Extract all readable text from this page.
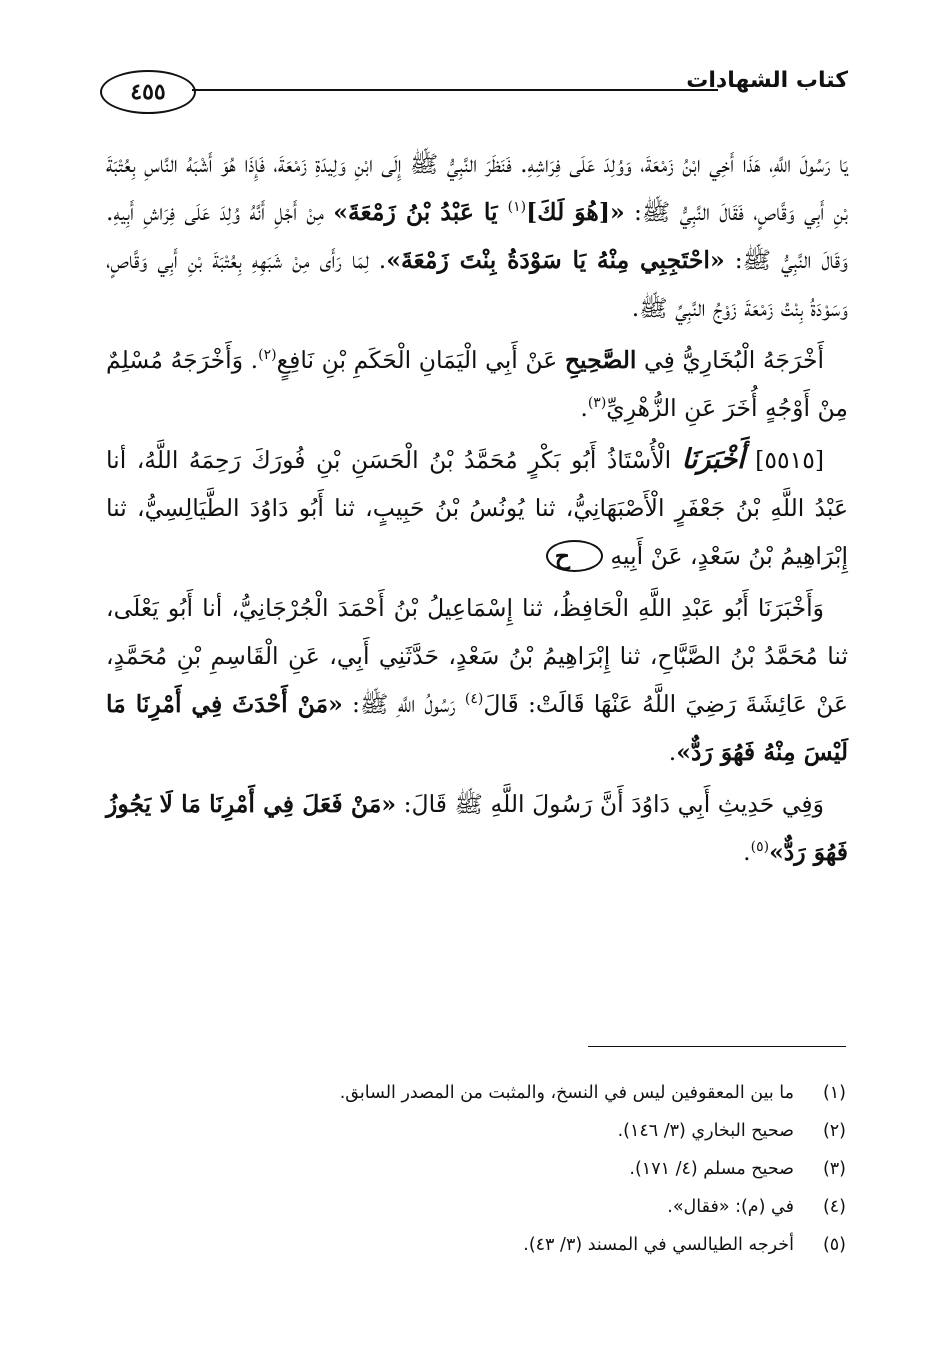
٤٥٥	كتاب الشهادات

يَا رَسُولَ اللَّهِ، هَذَا أَخِي ابْنُ زَمْعَةَ، وَوُلِدَ عَلَى فِرَاشِهِ. فَنَظَرَ النَّبِيُّ ﷺ إِلَى ابْنِ وَلِيدَةِ زَمْعَةَ، فَإِذَا هُوَ أَشْبَهُ النَّاسِ بِعُتْبَةَ بْنِ أَبِي وَقَّاصٍ، فَقَالَ النَّبِيُّ ﷺ: «[هُوَ لَكَ]$^{(١)}$ يَا عَبْدُ بْنُ زَمْعَةَ» مِنْ أَجْلِ أَنَّهُ وُلِدَ عَلَى فِرَاشِ أَبِيهِ. وَقَالَ النَّبِيُّ ﷺ: «احْتَجِبِي مِنْهُ يَا سَوْدَةُ بِنْتَ زَمْعَةَ». لِمَا رَأَى مِنْ شَبَهِهِ بِعُتْبَةَ بْنِ أَبِي وَقَّاصٍ، وَسَوْدَةُ بِنْتُ زَمْعَةَ زَوْجُ النَّبِيِّ ﷺ.

أَخْرَجَهُ الْبُخَارِيُّ فِي الصَّحِيحِ عَنْ أَبِي الْيَمَانِ الْحَكَمِ بْنِ نَافِعٍ$^{(٢)}$. وَأَخْرَجَهُ مُسْلِمٌ مِنْ أَوْجُهٍ أُخَرَ عَنِ الزُّهْرِيِّ$^{(٣)}$.

[٥٥١٥] أَخْبَرَنَا الْأُسْتَاذُ أَبُو بَكْرٍ مُحَمَّدُ بْنُ الْحَسَنِ بْنِ فُورَكَ رَحِمَهُ اللَّهُ، أنا عَبْدُ اللَّهِ بْنُ جَعْفَرٍ الْأَصْبَهَانِيُّ، ثنا يُونُسُ بْنُ حَبِيبٍ، ثنا أَبُو دَاوُدَ الطَّيَالِسِيُّ، ثنا إِبْرَاهِيمُ بْنُ سَعْدٍ، عَنْ أَبِيهِ ح

وَأَخْبَرَنَا أَبُو عَبْدِ اللَّهِ الْحَافِظُ، ثنا إِسْمَاعِيلُ بْنُ أَحْمَدَ الْجُرْجَانِيُّ، أنا أَبُو يَعْلَى، ثنا مُحَمَّدُ بْنُ الصَّبَّاحِ، ثنا إِبْرَاهِيمُ بْنُ سَعْدٍ، حَدَّثَنِي أَبِي، عَنِ الْقَاسِمِ بْنِ مُحَمَّدٍ، عَنْ عَائِشَةَ رَضِيَ اللَّهُ عَنْهَا قَالَتْ: قَالَ$^{(٤)}$ رَسُولُ اللَّهِ ﷺ: «مَنْ أَحْدَثَ فِي أَمْرِنَا مَا لَيْسَ مِنْهُ فَهُوَ رَدٌّ».

وَفِي حَدِيثِ أَبِي دَاوُدَ أَنَّ رَسُولَ اللَّهِ ﷺ قَالَ: «مَنْ فَعَلَ فِي أَمْرِنَا مَا لَا يَجُوزُ فَهُوَ رَدٌّ»$^{(٥)}$.

(١)
ما بين المعقوفين ليس في النسخ، والمثبت من المصدر السابق.
(٢)
صحيح البخاري (٣/ ١٤٦).
(٣)
صحيح مسلم (٤/ ١٧١).
(٤)
في (م): «فقال».
(٥)
أخرجه الطيالسي في المسند (٣/ ٤٣).
